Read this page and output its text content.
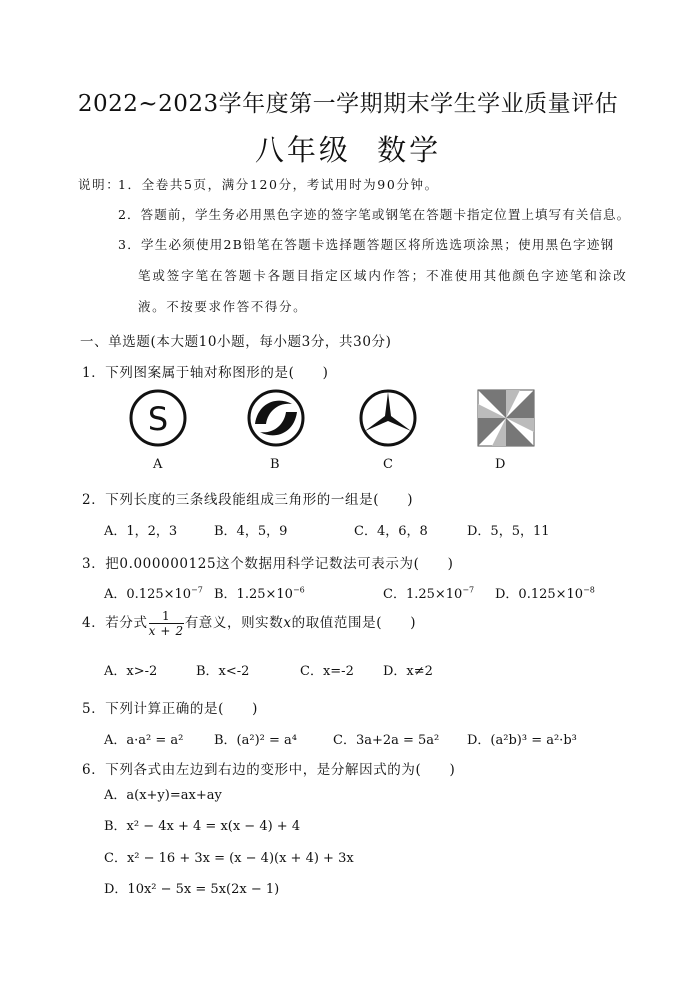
2022~2023学年度第一学期期末学生学业质量评估
八年级 数学
说明：
1．全卷共5页，满分120分，考试用时为90分钟。
2．答题前，学生务必用黑色字迹的签字笔或钢笔在答题卡指定位置上填写有关信息。
3．学生必须使用2B铅笔在答题卡选择题答题区将所选选项涂黑；使用黑色字迹钢
笔或签字笔在答题卡各题目指定区域内作答；不准使用其他颜色字迹笔和涂改
液。不按要求作答不得分。
一、单选题(本大题10小题，每小题3分，共30分)
1．下列图案属于轴对称图形的是(　　)
S
A	B	C	D
2．下列长度的三条线段能组成三角形的一组是(　　)
A．1，2，3	B．4，5，9	C．4，6，8	D．5，5，11
3．把0.000000125这个数据用科学记数法可表示为(　　)
A．$0.125\times 10^{-7}$ B．$1.25\times 10^{-6}$	C．$1.25\times 10^{-7}$ D．$0.125\times 10^{-8}$
4．若分式 $\frac{1}{x + 2}$ 有意义，则实数x的取值范围是(　　)
A．x>-2	B．x<-2	C．x=-2 D．x≠2
5．下列计算正确的是(　　)
A．a·a² = a² B．(a²)² = a⁴	C．3a+2a = 5a² D．(a²b)³ = a²·b³
6．下列各式由左边到右边的变形中，是分解因式的为(　　)
A．a(x+y)=ax+ay
B．x² − 4x + 4 = x(x − 4) + 4
C．x² − 16 + 3x = (x − 4)(x + 4) + 3x
D．10x² − 5x = 5x(2x − 1)
